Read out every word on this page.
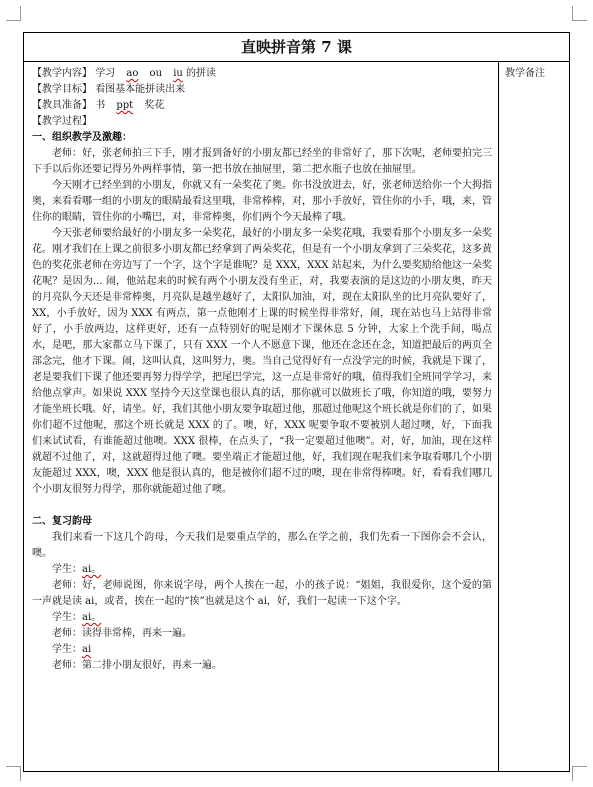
直映拼音第 7 课
【教学内容】 学习 ao ou iu 的拼读
【教学目标】 看图基本能拼读出来
【教具准备】 书 ppt 奖花
【教学过程】
一、组织教学及激趣：

老师：好，张老师拍三下手，刚才报到备好的小朋友都已经坐的非常好了，那下次呢，老师要拍完三下手以后你还要记得另外两样事情，第一把书放在抽屉里，第二把水瓶子也放在抽屉里。

今天刚才已经坐到的小朋友，你就又有一朵奖花了奥。你书没放进去，好，张老师送给你一个大拇指奥，来看看哪一组的小朋友的眼睛最看这里哦，非常棒棒，对，那小手放好，管住你的小手，哦，来，管住你的眼睛，管住你的小嘴巴，对，非常棒奥，你们两个今天最棒了哦。

今天张老师要给最好的小朋友多一朵奖花，最好的小朋友多一朵奖花哦，我要看那个小朋友多一朵奖花。刚才我们在上课之前很多小朋友都已经拿到了两朵奖花，但是有一个小朋友拿到了三朵奖花，这多黄色的奖花张老师在旁边写了一个字，这个字是谁呢？是 XXX，XXX 站起来，为什么要奖励给他这一朵奖花呢？是因为... 闹，他站起来的时候有两个小朋友没有坐正，对，我要表演的是这边的小朋友奥，昨天的月亮队今天还是非常棒奥，月亮队是越坐越好了，太阳队加油，对，现在太阳队坐的比月亮队要好了，XX，小手放好，因为 XXX 有两点，第一点他刚才上课的时候坐得非常好，闹，现在站也马上站得非常好了，小手放两边，这样更好，还有一点特别好的呢是刚才下课休息 5 分钟，大家上个洗手间，喝点水，是吧，那大家都立马下课了，只有 XXX 一个人不愿意下课，他还在念还在念，知道把最后的两页全部念完，他才下课。闹，这叫认真，这叫努力，奥。当自己觉得好有一点没学完的时候，我就是下课了，老是要我们下课了他还要再努力得学学，把尾巴学完，这一点是非常好的哦，值得我们全班同学学习，来给他点掌声。如果说 XXX 坚持今天这堂课也很认真的话，那你就可以做班长了哦，你知道的哦，要努力才能坐班长哦。好，请坐。好，我们其他小朋友要争取超过他，那超过他呢这个班长就是你们的了，如果你们超不过他呢，那这个班长就是 XXX 的了。噢，好，XXX 呢要争取不要被别人超过噢，好，下面我们来试试看，有谁能超过他噢。XXX 很棒，在点头了，“我一定要超过他噢”。对，好，加油，现在这样就超不过他了，对，这就超得过他了噢。要坐端正才能超过他，好，我们现在呢我们来争取看哪几个小朋友能超过 XXX，噢，XXX 他是很认真的，他是被你们超不过的噢，现在非常得棒噢。好，看看我们哪几个小朋友很努力得学，那你就能超过他了噢。

二、复习韵母

我们来看一下这几个韵母，今天我们是要重点学的，那么在学之前，我们先看一下图你会不会认，噢。

学生：ai。

老师：好，老师说图，你来说字母，两个人挨在一起，小的孩子说：“姐姐，我很爱你，这个爱的第一声就是读 ai，或者，挨在一起的“挨”也就是这个 ai，好，我们一起读一下这个字。

学生：ai。

老师：读得非常棒，再来一遍。

学生：ai

老师：第二排小朋友很好，再来一遍。

教学备注
